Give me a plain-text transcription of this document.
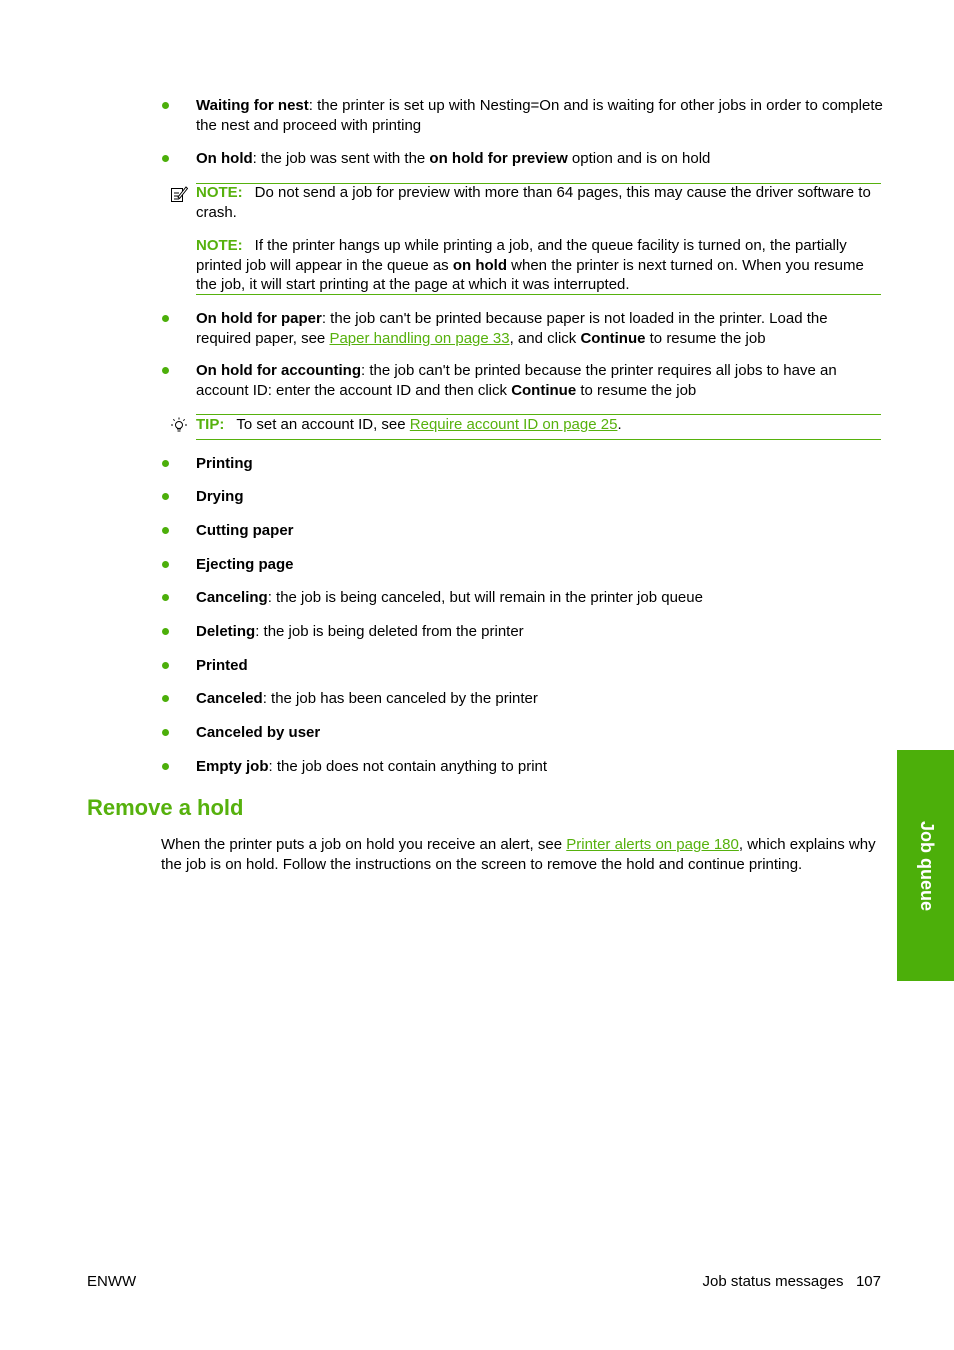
Waiting for nest: the printer is set up with Nesting=On and is waiting for other jobs in order to complete the nest and proceed with printing
On hold: the job was sent with the on hold for preview option and is on hold
NOTE: Do not send a job for preview with more than 64 pages, this may cause the driver software to crash.
NOTE: If the printer hangs up while printing a job, and the queue facility is turned on, the partially printed job will appear in the queue as on hold when the printer is next turned on. When you resume the job, it will start printing at the page at which it was interrupted.
On hold for paper: the job can't be printed because paper is not loaded in the printer. Load the required paper, see Paper handling on page 33, and click Continue to resume the job
On hold for accounting: the job can't be printed because the printer requires all jobs to have an account ID: enter the account ID and then click Continue to resume the job
TIP: To set an account ID, see Require account ID on page 25.
Printing
Drying
Cutting paper
Ejecting page
Canceling: the job is being canceled, but will remain in the printer job queue
Deleting: the job is being deleted from the printer
Printed
Canceled: the job has been canceled by the printer
Canceled by user
Empty job: the job does not contain anything to print
Remove a hold
When the printer puts a job on hold you receive an alert, see Printer alerts on page 180, which explains why the job is on hold. Follow the instructions on the screen to remove the hold and continue printing.	Job queue
ENWW	Job status messages 107
